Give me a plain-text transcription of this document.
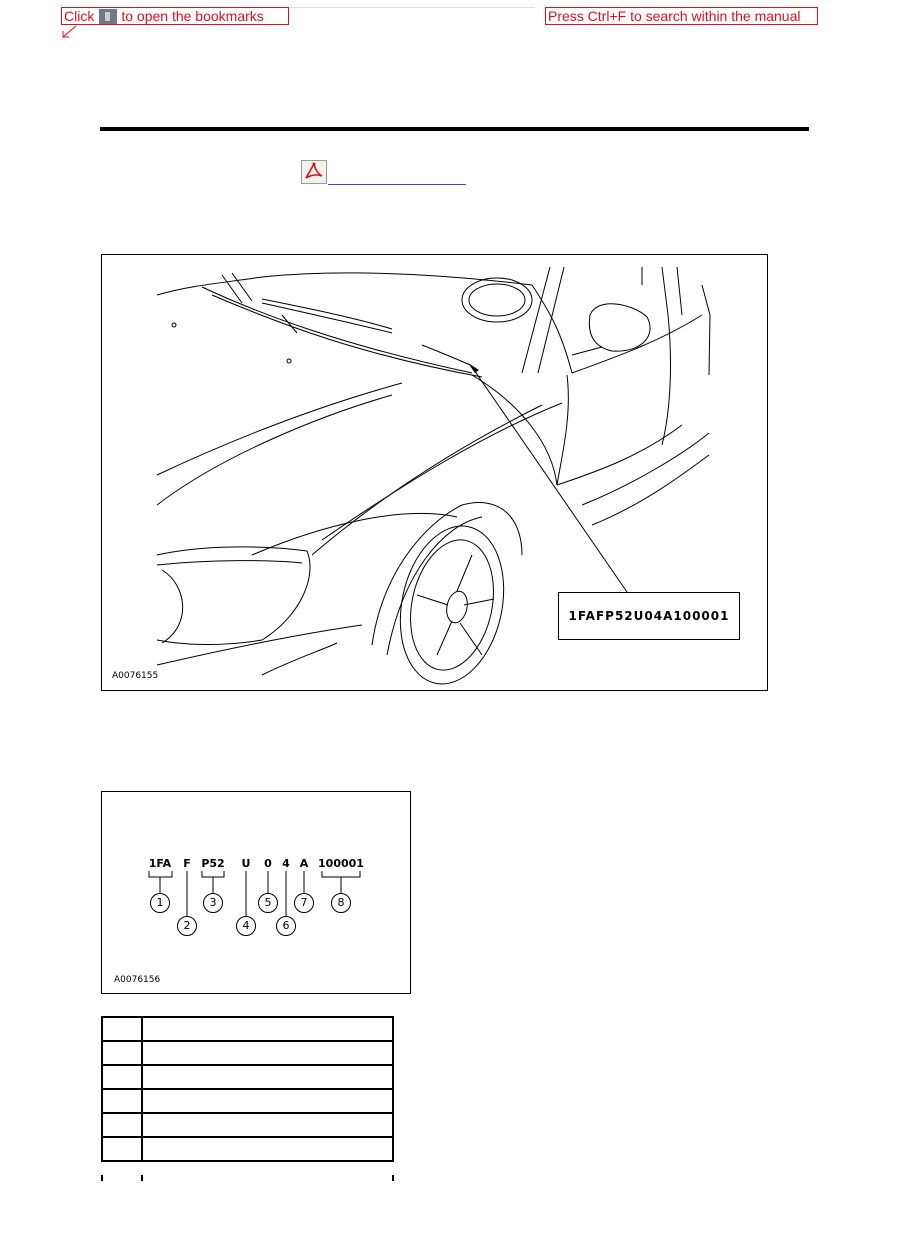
Click to open the bookmarks	Press Ctrl+F to search within the manual
1FAFP52U04A100001
A0076155
1FA	F P52	U 0 4 A 100001
1
2
3
4
5
6
7	8
A0076156
